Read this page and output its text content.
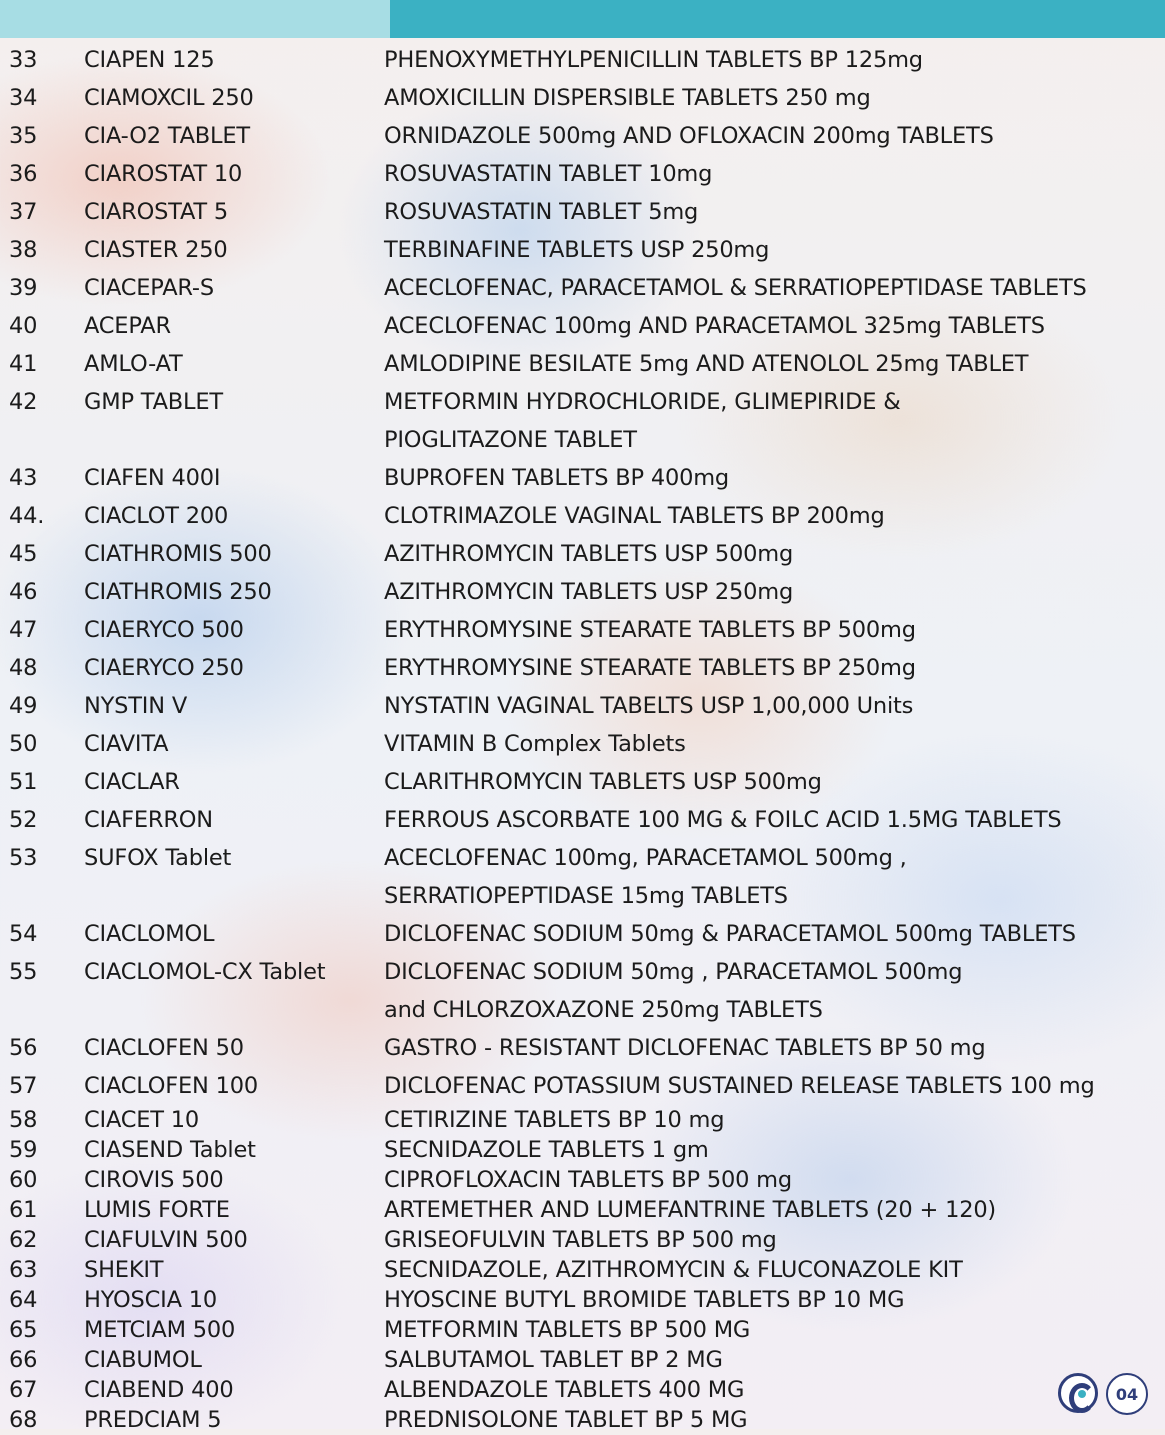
33 CIAPEN 125	PHENOXYMETHYLPENICILLIN TABLETS BP 125mg
34 CIAMOXCIL 250	AMOXICILLIN DISPERSIBLE TABLETS 250 mg
35 CIA-O2 TABLET	ORNIDAZOLE 500mg AND OFLOXACIN 200mg TABLETS
36 CIAROSTAT 10	ROSUVASTATIN TABLET 10mg
37 CIAROSTAT 5	ROSUVASTATIN TABLET 5mg
38 CIASTER 250	TERBINAFINE TABLETS USP 250mg
39 CIACEPAR-S	ACECLOFENAC, PARACETAMOL & SERRATIOPEPTIDASE TABLETS
40 ACEPAR	ACECLOFENAC 100mg AND PARACETAMOL 325mg TABLETS
41 AMLO-AT	AMLODIPINE BESILATE 5mg AND ATENOLOL 25mg TABLET
42 GMP TABLET	METFORMIN HYDROCHLORIDE, GLIMEPIRIDE &
PIOGLITAZONE TABLET
43 CIAFEN 400I	BUPROFEN TABLETS BP 400mg
44. CIACLOT 200	CLOTRIMAZOLE VAGINAL TABLETS BP 200mg
45 CIATHROMIS 500	AZITHROMYCIN TABLETS USP 500mg
46 CIATHROMIS 250	AZITHROMYCIN TABLETS USP 250mg
47 CIAERYCO 500	ERYTHROMYSINE STEARATE TABLETS BP 500mg
48 CIAERYCO 250	ERYTHROMYSINE STEARATE TABLETS BP 250mg
49 NYSTIN V	NYSTATIN VAGINAL TABELTS USP 1,00,000 Units
50 CIAVITA	VITAMIN B Complex Tablets
51 CIACLAR	CLARITHROMYCIN TABLETS USP 500mg
52 CIAFERRON	FERROUS ASCORBATE 100 MG & FOILC ACID 1.5MG TABLETS
53 SUFOX Tablet	ACECLOFENAC 100mg, PARACETAMOL 500mg ,
SERRATIOPEPTIDASE 15mg TABLETS
54 CIACLOMOL	DICLOFENAC SODIUM 50mg & PARACETAMOL 500mg TABLETS
55 CIACLOMOL-CX Tablet	DICLOFENAC SODIUM 50mg , PARACETAMOL 500mg
and CHLORZOXAZONE 250mg TABLETS
56 CIACLOFEN 50	GASTRO - RESISTANT DICLOFENAC TABLETS BP 50 mg
57 CIACLOFEN 100	DICLOFENAC POTASSIUM SUSTAINED RELEASE TABLETS 100 mg
58 CIACET 10	CETIRIZINE TABLETS BP 10 mg
59 CIASEND Tablet	SECNIDAZOLE TABLETS 1 gm
60 CIROVIS 500	CIPROFLOXACIN TABLETS BP 500 mg
61 LUMIS FORTE	ARTEMETHER AND LUMEFANTRINE TABLETS (20 + 120)
62 CIAFULVIN 500	GRISEOFULVIN TABLETS BP 500 mg
63 SHEKIT	SECNIDAZOLE, AZITHROMYCIN & FLUCONAZOLE KIT
64 HYOSCIA 10	HYOSCINE BUTYL BROMIDE TABLETS BP 10 MG
65 METCIAM 500	METFORMIN TABLETS BP 500 MG
66 CIABUMOL	SALBUTAMOL TABLET BP 2 MG
67 CIABEND 400	ALBENDAZOLE TABLETS 400 MG
68 PREDCIAM 5	PREDNISOLONE TABLET BP 5 MG
04
